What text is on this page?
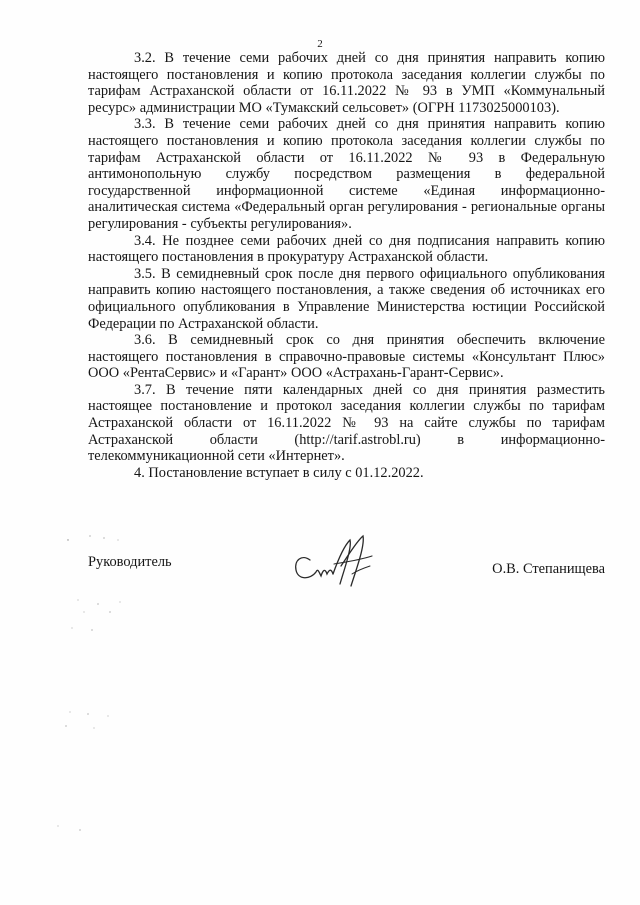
2

3.2. В течение семи рабочих дней со дня принятия направить копию настоящего постановления и копию протокола заседания коллегии службы по тарифам Астраханской области от 16.11.2022 № 93 в УМП «Коммунальный ресурс» администрации МО «Тумакский сельсовет» (ОГРН 1173025000103).

3.3. В течение семи рабочих дней со дня принятия направить копию настоящего постановления и копию протокола заседания коллегии службы по тарифам Астраханской области от 16.11.2022 № 93 в Федеральную антимонопольную службу посредством размещения в федеральной государственной информационной системе «Единая информационно-аналитическая система «Федеральный орган регулирования - региональные органы регулирования - субъекты регулирования».

3.4. Не позднее семи рабочих дней со дня подписания направить копию настоящего постановления в прокуратуру Астраханской области.

3.5. В семидневный срок после дня первого официального опубликования направить копию настоящего постановления, а также сведения об источниках его официального опубликования в Управление Министерства юстиции Российской Федерации по Астраханской области.

3.6. В семидневный срок со дня принятия обеспечить включение настоящего постановления в справочно-правовые системы «Консультант Плюс» ООО «РентаСервис» и «Гарант» ООО «Астрахань-Гарант-Сервис».

3.7. В течение пяти календарных дней со дня принятия разместить настоящее постановление и протокол заседания коллегии службы по тарифам Астраханской области от 16.11.2022 № 93 на сайте службы по тарифам Астраханской области (http://tarif.astrobl.ru) в информационно-телекоммуникационной сети «Интернет».

4. Постановление вступает в силу с 01.12.2022.

Руководитель	О.В. Степанищева
